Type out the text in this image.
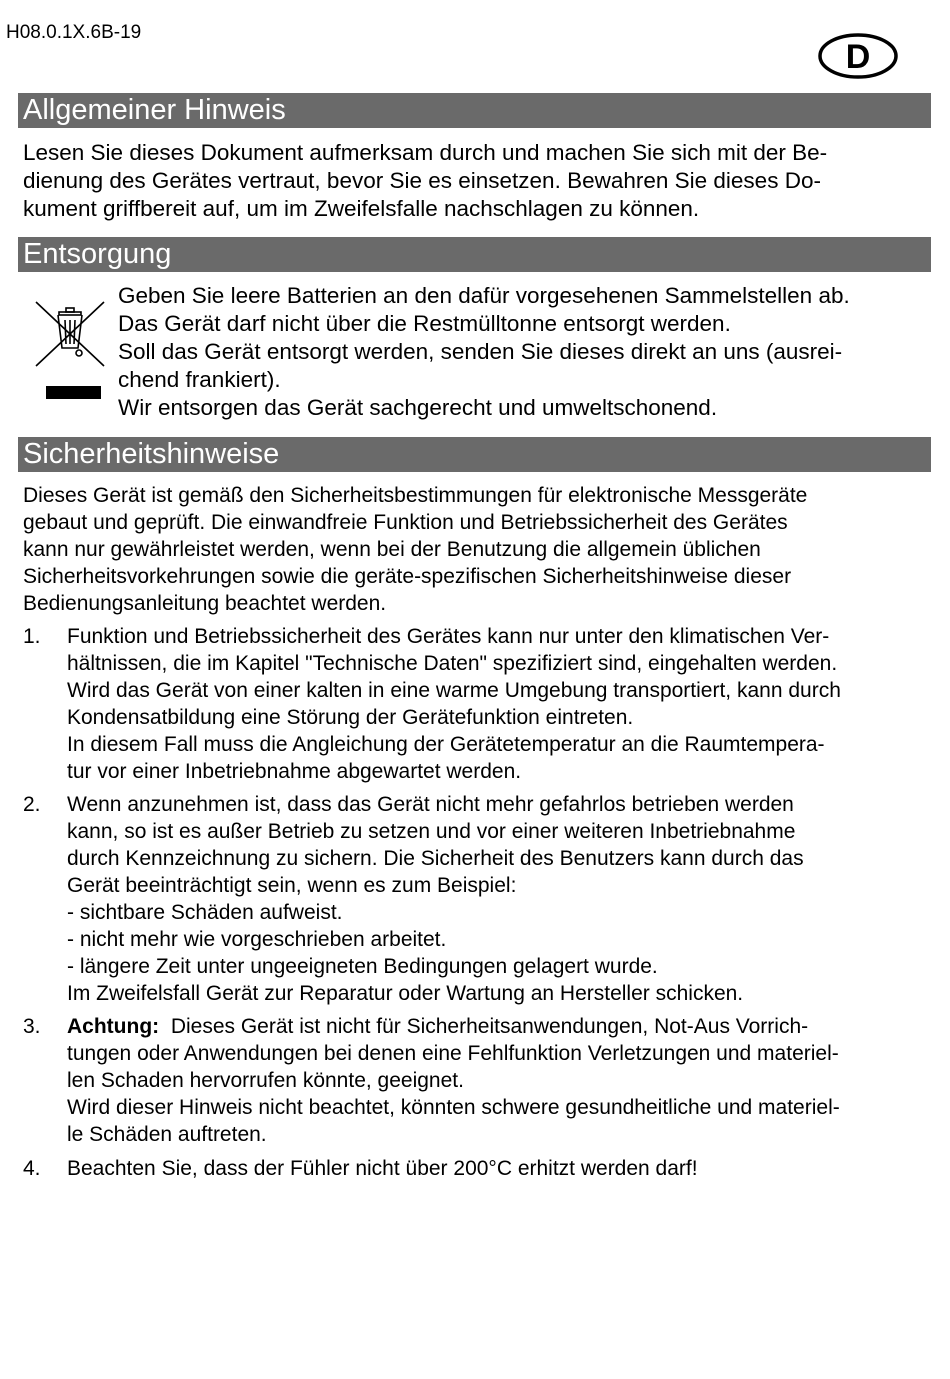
H08.0.1X.6B-19
D
Allgemeiner Hinweis
Lesen Sie dieses Dokument aufmerksam durch und machen Sie sich mit der Be-
dienung des Gerätes vertraut, bevor Sie es einsetzen. Bewahren Sie dieses Do-
kument griffbereit auf, um im Zweifelsfalle nachschlagen zu können.
Entsorgung
Geben Sie leere Batterien an den dafür vorgesehenen Sammelstellen ab.
Das Gerät darf nicht über die Restmülltonne entsorgt werden.
Soll das Gerät entsorgt werden, senden Sie dieses direkt an uns (ausrei-
chend frankiert).
Wir entsorgen das Gerät sachgerecht und umweltschonend.
Sicherheitshinweise
Dieses Gerät ist gemäß den Sicherheitsbestimmungen für elektronische Messgeräte
gebaut und geprüft. Die einwandfreie Funktion und Betriebssicherheit des Gerätes
kann nur gewährleistet werden, wenn bei der Benutzung die allgemein üblichen
Sicherheitsvorkehrungen sowie die geräte-spezifischen Sicherheitshinweise dieser
Bedienungsanleitung beachtet werden.
1. Funktion und Betriebssicherheit des Gerätes kann nur unter den klimatischen Ver-
hältnissen, die im Kapitel "Technische Daten" spezifiziert sind, eingehalten werden.
Wird das Gerät von einer kalten in eine warme Umgebung transportiert, kann durch
Kondensatbildung eine Störung der Gerätefunktion eintreten.
In diesem Fall muss die Angleichung der Gerätetemperatur an die Raumtempera-
tur vor einer Inbetriebnahme abgewartet werden.
2. Wenn anzunehmen ist, dass das Gerät nicht mehr gefahrlos betrieben werden
kann, so ist es außer Betrieb zu setzen und vor einer weiteren Inbetriebnahme
durch Kennzeichnung zu sichern. Die Sicherheit des Benutzers kann durch das
Gerät beeinträchtigt sein, wenn es zum Beispiel:
- sichtbare Schäden aufweist.
- nicht mehr wie vorgeschrieben arbeitet.
- längere Zeit unter ungeeigneten Bedingungen gelagert wurde.
Im Zweifelsfall Gerät zur Reparatur oder Wartung an Hersteller schicken.
3. Achtung: Dieses Gerät ist nicht für Sicherheitsanwendungen, Not-Aus Vorrich-
tungen oder Anwendungen bei denen eine Fehlfunktion Verletzungen und materiel-
len Schaden hervorrufen könnte, geeignet.
Wird dieser Hinweis nicht beachtet, könnten schwere gesundheitliche und materiel-
le Schäden auftreten.
4. Beachten Sie, dass der Fühler nicht über 200°C erhitzt werden darf!
